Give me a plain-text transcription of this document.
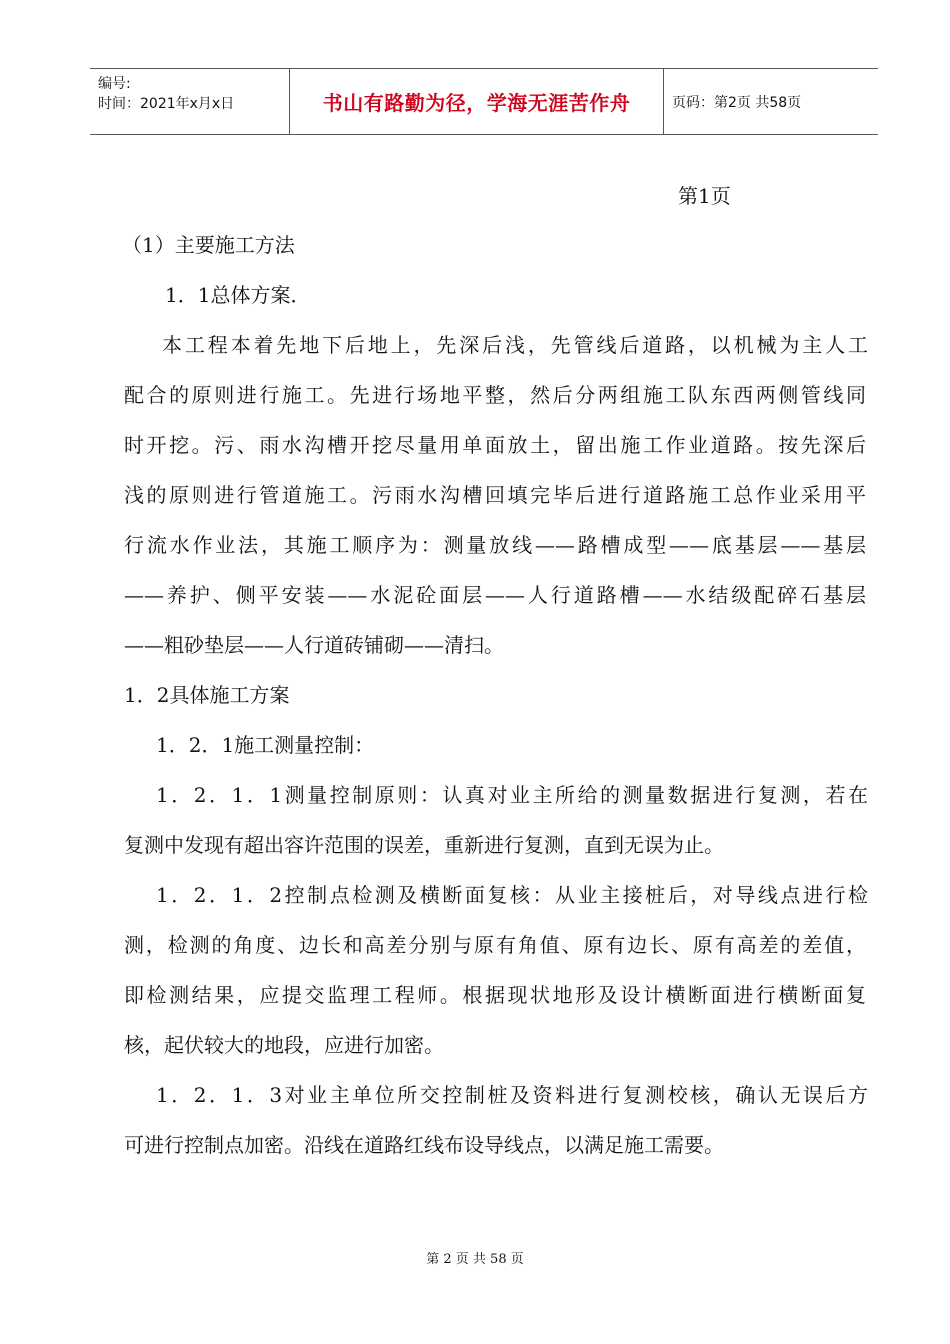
编号:
时间：2021年x月x日	书山有路勤为径，学海无涯苦作舟	页码：第2页 共58页
第1页
（1）主要施工方法
1．1总体方案．
本工程本着先地下后地上，先深后浅，先管线后道路，以机械为主人工
配合的原则进行施工。先进行场地平整，然后分两组施工队东西两侧管线同
时开挖。污、雨水沟槽开挖尽量用单面放土，留出施工作业道路。按先深后
浅的原则进行管道施工。污雨水沟槽回填完毕后进行道路施工总作业采用平
行流水作业法，其施工顺序为：测量放线——路槽成型——底基层——基层
——养护、侧平安装——水泥砼面层——人行道路槽——水结级配碎石基层
——粗砂垫层——人行道砖铺砌——清扫。
1．2具体施工方案
1．2．1施工测量控制：
1．2．1．1测量控制原则：认真对业主所给的测量数据进行复测，若在
复测中发现有超出容许范围的误差，重新进行复测，直到无误为止。
1．2．1．2控制点检测及横断面复核：从业主接桩后，对导线点进行检
测，检测的角度、边长和高差分别与原有角值、原有边长、原有高差的差值，
即检测结果，应提交监理工程师。根据现状地形及设计横断面进行横断面复
核，起伏较大的地段，应进行加密。
1．2．1．3对业主单位所交控制桩及资料进行复测校核，确认无误后方
可进行控制点加密。沿线在道路红线布设导线点，以满足施工需要。
第 2 页 共 58 页
